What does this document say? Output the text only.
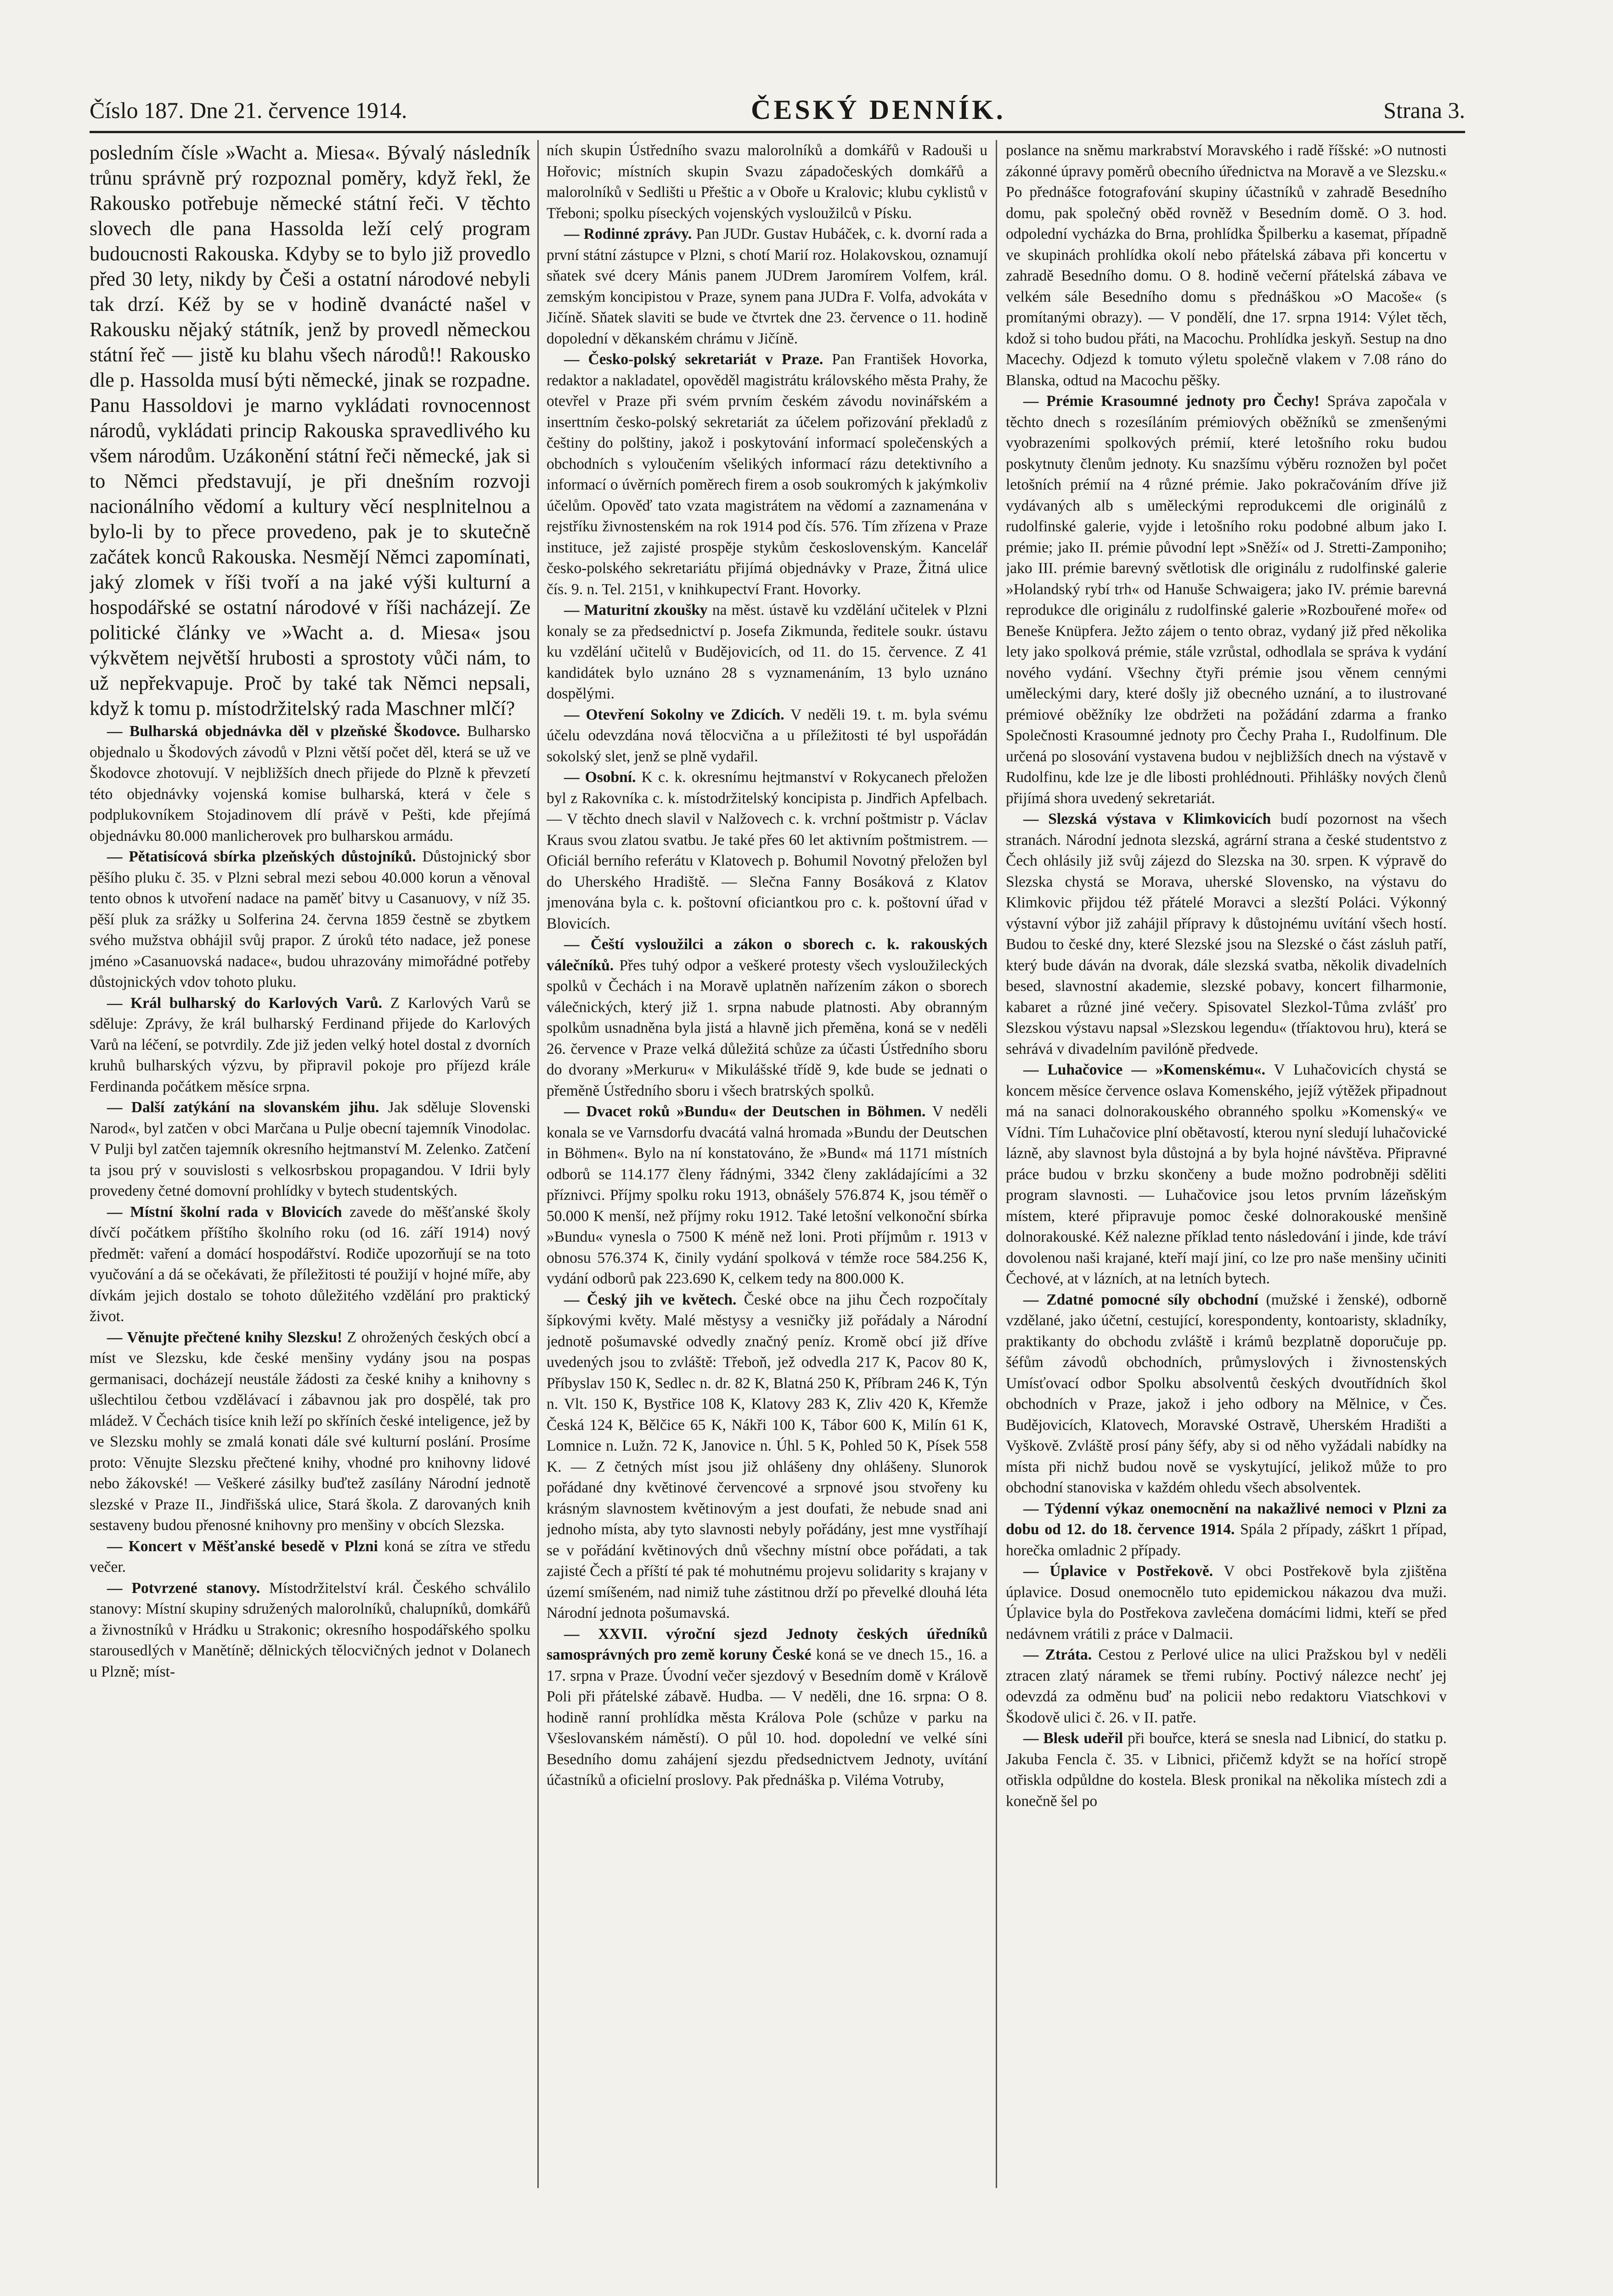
Číslo 187. Dne 21. července 1914.	ČESKÝ DENNÍK.	Strana 3.

posledním čísle »Wacht a. Miesa«. Bývalý následník trůnu správně prý rozpoznal poměry, když řekl, že Rakousko potřebuje německé státní řeči. V těchto slovech dle pana Hassolda leží celý program budoucnosti Rakouska. Kdyby se to bylo již provedlo před 30 lety, nikdy by Češi a ostatní národové nebyli tak drzí. Kéž by se v hodině dvanácté našel v Rakousku nějaký státník, jenž by provedl německou státní řeč — jistě ku blahu všech národů!! Rakousko dle p. Hassolda musí býti německé, jinak se rozpadne. Panu Hassoldovi je marno vykládati rovnocennost národů, vykládati princip Rakouska spravedlivého ku všem národům. Uzákonění státní řeči německé, jak si to Němci představují, je při dnešním rozvoji nacionálního vědomí a kultury věcí nesplnitelnou a bylo-li by to přece provedeno, pak je to skutečně začátek konců Rakouska. Nesmějí Němci zapomínati, jaký zlomek v říši tvoří a na jaké výši kulturní a hospodářské se ostatní národové v říši nacházejí. Ze politické články ve »Wacht a. d. Miesa« jsou výkvětem největší hrubosti a sprostoty vůči nám, to už nepřekvapuje. Proč by také tak Němci nepsali, když k tomu p. místodržitelský rada Maschner mlčí?

— Bulharská objednávka děl v plzeňské Škodovce. Bulharsko objednalo u Škodových závodů v Plzni větší počet děl, která se už ve Škodovce zhotovují. V nejbližších dnech přijede do Plzně k převzetí této objednávky vojenská komise bulharská, která v čele s podplukovníkem Stojadinovem dlí právě v Pešti, kde přejímá objednávku 80.000 manlicherovek pro bulharskou armádu.

— Pětatisícová sbírka plzeňských důstojníků. Důstojnický sbor pěšího pluku č. 35. v Plzni sebral mezi sebou 40.000 korun a věnoval tento obnos k utvoření nadace na paměť bitvy u Casanuovy, v níž 35. pěší pluk za srážky u Solferina 24. června 1859 čestně se zbytkem svého mužstva obhájil svůj prapor. Z úroků této nadace, jež ponese jméno »Casanuovská nadace«, budou uhrazovány mimořádné potřeby důstojnických vdov tohoto pluku.

— Král bulharský do Karlových Varů. Z Karlových Varů se sděluje: Zprávy, že král bulharský Ferdinand přijede do Karlových Varů na léčení, se potvrdily. Zde již jeden velký hotel dostal z dvorních kruhů bulharských výzvu, by připravil pokoje pro příjezd krále Ferdinanda počátkem měsíce srpna.

— Další zatýkání na slovanském jihu. Jak sděluje Slovenski Narod«, byl zatčen v obci Marčana u Pulje obecní tajemník Vinodolac. V Pulji byl zatčen tajemník okresního hejtmanství M. Zelenko. Zatčení ta jsou prý v souvislosti s velkosrbskou propagandou. V Idrii byly provedeny četné domovní prohlídky v bytech studentských.

— Místní školní rada v Blovicích zavede do měšťanské školy dívčí počátkem příštího školního roku (od 16. září 1914) nový předmět: vaření a domácí hospodářství. Rodiče upozorňují se na toto vyučování a dá se očekávati, že příležitosti té použijí v hojné míře, aby dívkám jejich dostalo se tohoto důležitého vzdělání pro praktický život.

— Věnujte přečtené knihy Slezsku! Z ohrožených českých obcí a míst ve Slezsku, kde české menšiny vydány jsou na pospas germanisaci, docházejí neustále žádosti za české knihy a knihovny s ušlechtilou četbou vzdělávací i zábavnou jak pro dospělé, tak pro mládež. V Čechách tisíce knih leží po skříních české inteligence, jež by ve Slezsku mohly se zmalá konati dále své kulturní poslání. Prosíme proto: Věnujte Slezsku přečtené knihy, vhodné pro knihovny lidové nebo žákovské! — Veškeré zásilky buďtež zasílány Národní jednotě slezské v Praze II., Jindřišská ulice, Stará škola. Z darovaných knih sestaveny budou přenosné knihovny pro menšiny v obcích Slezska.

— Koncert v Měšťanské besedě v Plzni koná se zítra ve středu večer.

— Potvrzené stanovy. Místodržitelství král. Českého schválilo stanovy: Místní skupiny sdružených malorolníků, chalupníků, domkářů a živnostníků v Hrádku u Strakonic; okresního hospodářského spolku starousedlých v Manětíně; dělnických tělocvičných jednot v Dolanech u Plzně; míst-

ních skupin Ústředního svazu malorolníků a domkářů v Radouši u Hořovic; místních skupin Svazu západočeských domkářů a malorolníků v Sedlišti u Přeštic a v Oboře u Kralovic; klubu cyklistů v Třeboni; spolku píseckých vojenských vysloužilců v Písku.

— Rodinné zprávy. Pan JUDr. Gustav Hubáček, c. k. dvorní rada a první státní zástupce v Plzni, s chotí Marií roz. Holakovskou, oznamují sňatek své dcery Mánis panem JUDrem Jaromírem Volfem, král. zemským koncipistou v Praze, synem pana JUDra F. Volfa, advokáta v Jičíně. Sňatek slaviti se bude ve čtvrtek dne 23. července o 11. hodině dopolední v děkanském chrámu v Jičíně.

— Česko-polský sekretariát v Praze. Pan František Hovorka, redaktor a nakladatel, opověděl magistrátu královského města Prahy, že otevřel v Praze při svém prvním českém závodu novinářském a inserttním česko-polský sekretariát za účelem pořizování překladů z češtiny do polštiny, jakož i poskytování informací společenských a obchodních s vyloučením všelikých informací rázu detektivního a informací o úvěrních poměrech firem a osob soukromých k jakýmkoliv účelům. Opověď tato vzata magistrátem na vědomí a zaznamenána v rejstříku živnostenském na rok 1914 pod čís. 576. Tím zřízena v Praze instituce, jež zajisté prospěje stykům československým. Kancelář česko-polského sekretariátu přijímá objednávky v Praze, Žitná ulice čís. 9. n. Tel. 2151, v knihkupectví Frant. Hovorky.

— Maturitní zkoušky na měst. ústavě ku vzdělání učitelek v Plzni konaly se za předsednictví p. Josefa Zikmunda, ředitele soukr. ústavu ku vzdělání učitelů v Budějovicích, od 11. do 15. července. Z 41 kandidátek bylo uznáno 28 s vyznamenáním, 13 bylo uznáno dospělými.

— Otevření Sokolny ve Zdicích. V neděli 19. t. m. byla svému účelu odevzdána nová tělocvična a u příležitosti té byl uspořádán sokolský slet, jenž se plně vydařil.

— Osobní. K c. k. okresnímu hejtmanství v Rokycanech přeložen byl z Rakovníka c. k. místodržitelský koncipista p. Jindřich Apfelbach. — V těchto dnech slavil v Nalžovech c. k. vrchní poštmistr p. Václav Kraus svou zlatou svatbu. Je také přes 60 let aktivním poštmistrem. — Oficiál berního referátu v Klatovech p. Bohumil Novotný přeložen byl do Uherského Hradiště. — Slečna Fanny Bosáková z Klatov jmenována byla c. k. poštovní oficiantkou pro c. k. poštovní úřad v Blovicích.

— Čeští vysloužilci a zákon o sborech c. k. rakouských válečníků. Přes tuhý odpor a veškeré protesty všech vysloužileckých spolků v Čechách i na Moravě uplatněn nařízením zákon o sborech válečnických, který již 1. srpna nabude platnosti. Aby obranným spolkům usnadněna byla jistá a hlavně jich přeměna, koná se v neděli 26. července v Praze velká důležitá schůze za účasti Ústředního sboru do dvorany »Merkuru« v Mikulášské třídě 9, kde bude se jednati o přeměně Ústředního sboru i všech bratrských spolků.

— Dvacet roků »Bundu« der Deutschen in Böhmen. V neděli konala se ve Varnsdorfu dvacátá valná hromada »Bundu der Deutschen in Böhmen«. Bylo na ní konstatováno, že »Bund« má 1171 místních odborů se 114.177 členy řádnými, 3342 členy zakládajícími a 32 příznivci. Příjmy spolku roku 1913, obnášely 576.874 K, jsou téměř o 50.000 K menší, než příjmy roku 1912. Také letošní velkonoční sbírka »Bundu« vynesla o 7500 K méně než loni. Proti příjmům r. 1913 v obnosu 576.374 K, činily vydání spolková v témže roce 584.256 K, vydání odborů pak 223.690 K, celkem tedy na 800.000 K.

— Český jih ve květech. České obce na jihu Čech rozpočítaly šípkovými květy. Malé městysy a vesničky již pořádaly a Národní jednotě pošumavské odvedly značný peníz. Kromě obcí již dříve uvedených jsou to zvláště: Třeboň, jež odvedla 217 K, Pacov 80 K, Příbyslav 150 K, Sedlec n. dr. 82 K, Blatná 250 K, Příbram 246 K, Týn n. Vlt. 150 K, Bystřice 108 K, Klatovy 283 K, Zliv 420 K, Křemže Česká 124 K, Bělčice 65 K, Nákři 100 K, Tábor 600 K, Milín 61 K, Lomnice n. Lužn. 72 K, Janovice n. Úhl. 5 K, Pohled 50 K, Písek 558 K. — Z četných míst jsou již ohlášeny dny ohlášeny. Slunorok pořádané dny květinové červencové a srpnové jsou stvořeny ku krásným slavnostem květinovým a jest doufati, že nebude snad ani jednoho místa, aby tyto slavnosti nebyly pořádány, jest mne vystříhají se v pořádání květinových dnů všechny místní obce pořádati, a tak zajisté Čech a příští té pak té mohutnému projevu solidarity s krajany v území smíšeném, nad nimiž tuhe zástitnou drží po převelké dlouhá léta Národní jednota pošumavská.

— XXVII. výroční sjezd Jednoty českých úředníků samosprávných pro země koruny České koná se ve dnech 15., 16. a 17. srpna v Praze. Úvodní večer sjezdový v Besedním domě v Králově Poli při přátelské zábavě. Hudba. — V neděli, dne 16. srpna: O 8. hodině ranní prohlídka města Králova Pole (schůze v parku na Všeslovanském náměstí). O půl 10. hod. dopolední ve velké síni Besedního domu zahájení sjezdu předsednictvem Jednoty, uvítání účastníků a oficielní proslovy. Pak přednáška p. Viléma Votruby,

poslance na sněmu markrabství Moravského i radě říšské: »O nutnosti zákonné úpravy poměrů obecního úřednictva na Moravě a ve Slezsku.« Po přednášce fotografování skupiny účastníků v zahradě Besedního domu, pak společný oběd rovněž v Besedním domě. O 3. hod. odpolední vycházka do Brna, prohlídka Špilberku a kasemat, případně ve skupinách prohlídka okolí nebo přátelská zábava při koncertu v zahradě Besedního domu. O 8. hodině večerní přátelská zábava ve velkém sále Besedního domu s přednáškou »O Macoše« (s promítanými obrazy). — V pondělí, dne 17. srpna 1914: Výlet těch, kdož si toho budou přáti, na Macochu. Prohlídka jeskyň. Sestup na dno Macechy. Odjezd k tomuto výletu společně vlakem v 7.08 ráno do Blanska, odtud na Macochu pěšky.

— Prémie Krasoumné jednoty pro Čechy! Správa započala v těchto dnech s rozesíláním prémiových oběžníků se zmenšenými vyobrazeními spolkových prémií, které letošního roku budou poskytnuty členům jednoty. Ku snazšímu výběru roznožen byl počet letošních prémií na 4 různé prémie. Jako pokračováním dříve již vydávaných alb s uměleckými reprodukcemi dle originálů z rudolfinské galerie, vyjde i letošního roku podobné album jako I. prémie; jako II. prémie původní lept »Sněží« od J. Stretti-Zamponiho; jako III. prémie barevný světlotisk dle originálu z rudolfinské galerie »Holandský rybí trh« od Hanuše Schwaigera; jako IV. prémie barevná reprodukce dle originálu z rudolfinské galerie »Rozbouřené moře« od Beneše Knüpfera. Ježto zájem o tento obraz, vydaný již před několika lety jako spolková prémie, stále vzrůstal, odhodlala se správa k vydání nového vydání. Všechny čtyři prémie jsou věnem cennými uměleckými dary, které došly již obecného uznání, a to ilustrované prémiové oběžníky lze obdržeti na požádání zdarma a franko Společnosti Krasoumné jednoty pro Čechy Praha I., Rudolfinum. Dle určená po slosování vystavena budou v nejbližších dnech na výstavě v Rudolfinu, kde lze je dle libosti prohlédnouti. Přihlášky nových členů přijímá shora uvedený sekretariát.

— Slezská výstava v Klimkovicích budí pozornost na všech stranách. Národní jednota slezská, agrární strana a české studentstvo z Čech ohlásily již svůj zájezd do Slezska na 30. srpen. K výpravě do Slezska chystá se Morava, uherské Slovensko, na výstavu do Klimkovic přijdou též přátelé Moravci a slezští Poláci. Výkonný výstavní výbor již zahájil přípravy k důstojnému uvítání všech hostí. Budou to české dny, které Slezské jsou na Slezské o část zásluh patří, který bude dáván na dvorak, dále slezská svatba, několik divadelních besed, slavnostní akademie, slezské pobavy, koncert filharmonie, kabaret a různé jiné večery. Spisovatel Slezkol-Tůma zvlášť pro Slezskou výstavu napsal »Slezskou legendu« (tříaktovou hru), která se sehrává v divadelním pavilóně předvede.

— Luhačovice — »Komenskému«. V Luhačovicích chystá se koncem měsíce července oslava Komenského, jejíž výtěžek připadnout má na sanaci dolnorakouského obranného spolku »Komenský« ve Vídni. Tím Luhačovice plní obětavostí, kterou nyní sledují luhačovické lázně, aby slavnost byla důstojná a by byla hojné návštěva. Připravné práce budou v brzku skončeny a bude možno podrobněji sděliti program slavnosti. — Luhačovice jsou letos prvním lázeňským místem, které připravuje pomoc české dolnorakouské menšině dolnorakouské. Kéž nalezne příklad tento následování i jinde, kde tráví dovolenou naši krajané, kteří mají jiní, co lze pro naše menšiny učiniti Čechové, at v lázních, at na letních bytech.

— Zdatné pomocné síly obchodní (mužské i ženské), odborně vzdělané, jako účetní, cestující, korespondenty, kontoaristy, skladníky, praktikanty do obchodu zvláště i krámů bezplatně doporučuje pp. šéfům závodů obchodních, průmyslových i živnostenských Umísťovací odbor Spolku absolventů českých dvoutřídních škol obchodních v Praze, jakož i jeho odbory na Mělnice, v Čes. Budějovicích, Klatovech, Moravské Ostravě, Uherském Hradišti a Vyškově. Zvláště prosí pány šéfy, aby si od něho vyžádali nabídky na místa při nichž budou nově se vyskytující, jelikož může to pro obchodní stanoviska v každém ohledu všech absolventek.

— Týdenní výkaz onemocnění na nakažlivé nemoci v Plzni za dobu od 12. do 18. července 1914. Spála 2 případy, záškrt 1 případ, horečka omladnic 2 případy.

— Úplavice v Postřekově. V obci Postřekově byla zjištěna úplavice. Dosud onemocnělo tuto epidemickou nákazou dva muži. Úplavice byla do Postřekova zavlečena domácími lidmi, kteří se před nedávnem vrátili z práce v Dalmacii.

— Ztráta. Cestou z Perlové ulice na ulici Pražskou byl v neděli ztracen zlatý náramek se třemi rubíny. Poctivý nálezce nechť jej odevzdá za odměnu buď na policii nebo redaktoru Viatschkovi v Škodově ulici č. 26. v II. patře.

— Blesk udeřil při bouřce, která se snesla nad Libnicí, do statku p. Jakuba Fencla č. 35. v Libnici, přičemž kdyžt se na hořící stropě otřiskla odpůldne do kostela. Blesk pronikal na několika místech zdi a konečně šel po
